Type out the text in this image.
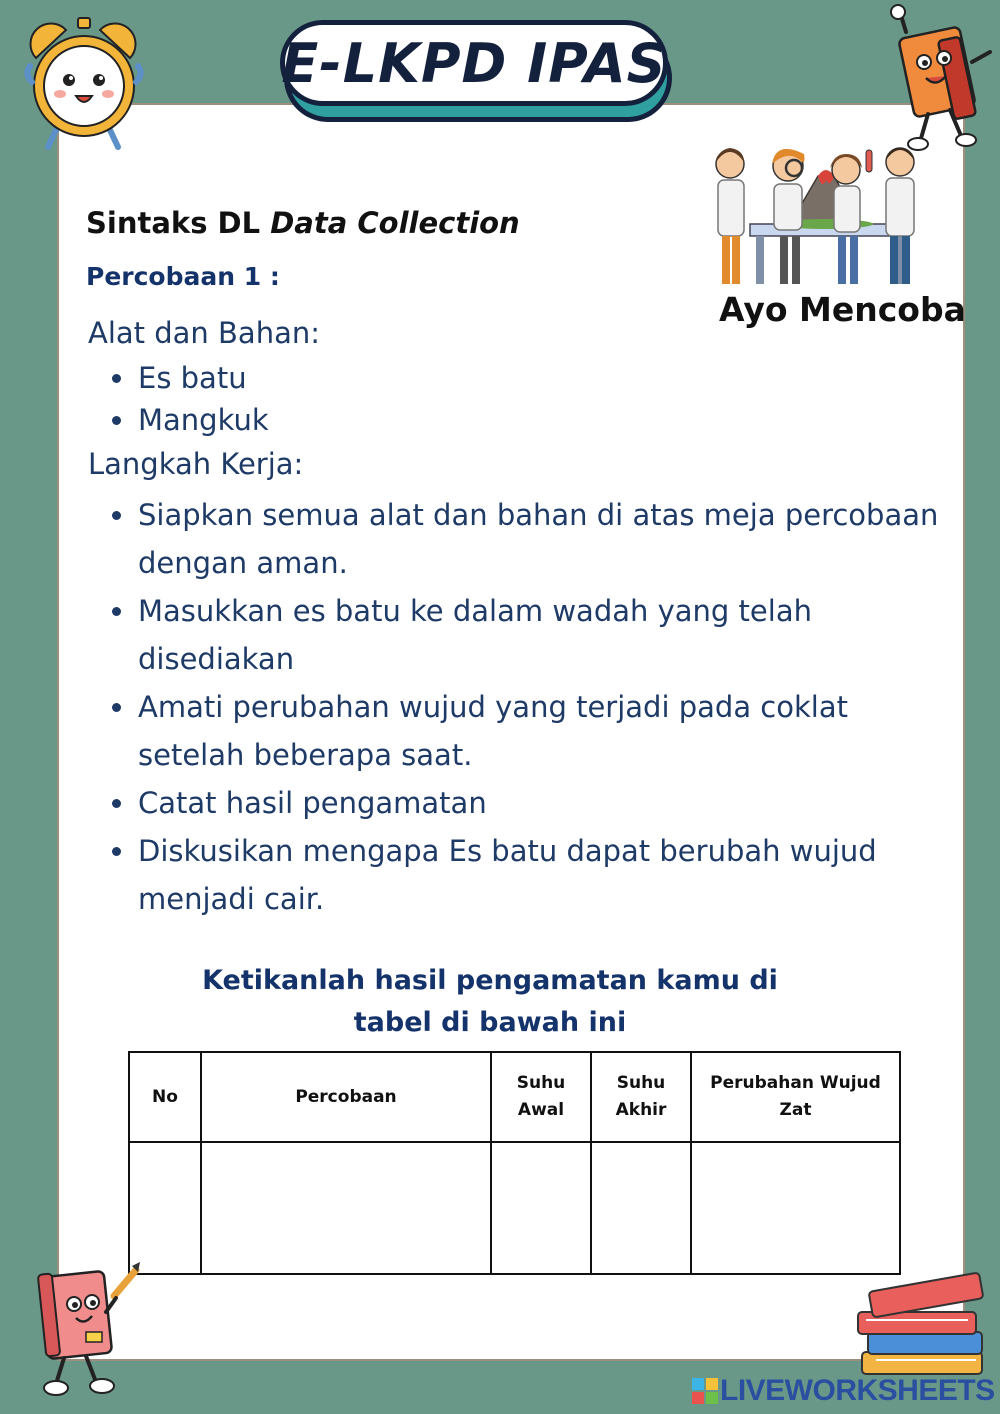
E-LKPD IPAS
Ayo Mencoba
Sintaks DL Data Collection
Percobaan 1 :
Alat dan Bahan:
Es batu
Mangkuk
Langkah Kerja:
Siapkan semua alat dan bahan di atas meja percobaan
dengan aman.
Masukkan es batu ke dalam wadah yang telah
disediakan
Amati perubahan wujud yang terjadi pada coklat
setelah beberapa saat.
Catat hasil pengamatan
Diskusikan mengapa Es batu dapat berubah wujud
menjadi cair.
Ketikanlah hasil pengamatan kamu di
tabel di bawah ini
No	Percobaan	Suhu Awal	Suhu Akhir	Perubahan Wujud Zat

LIVEWORKSHEETS
